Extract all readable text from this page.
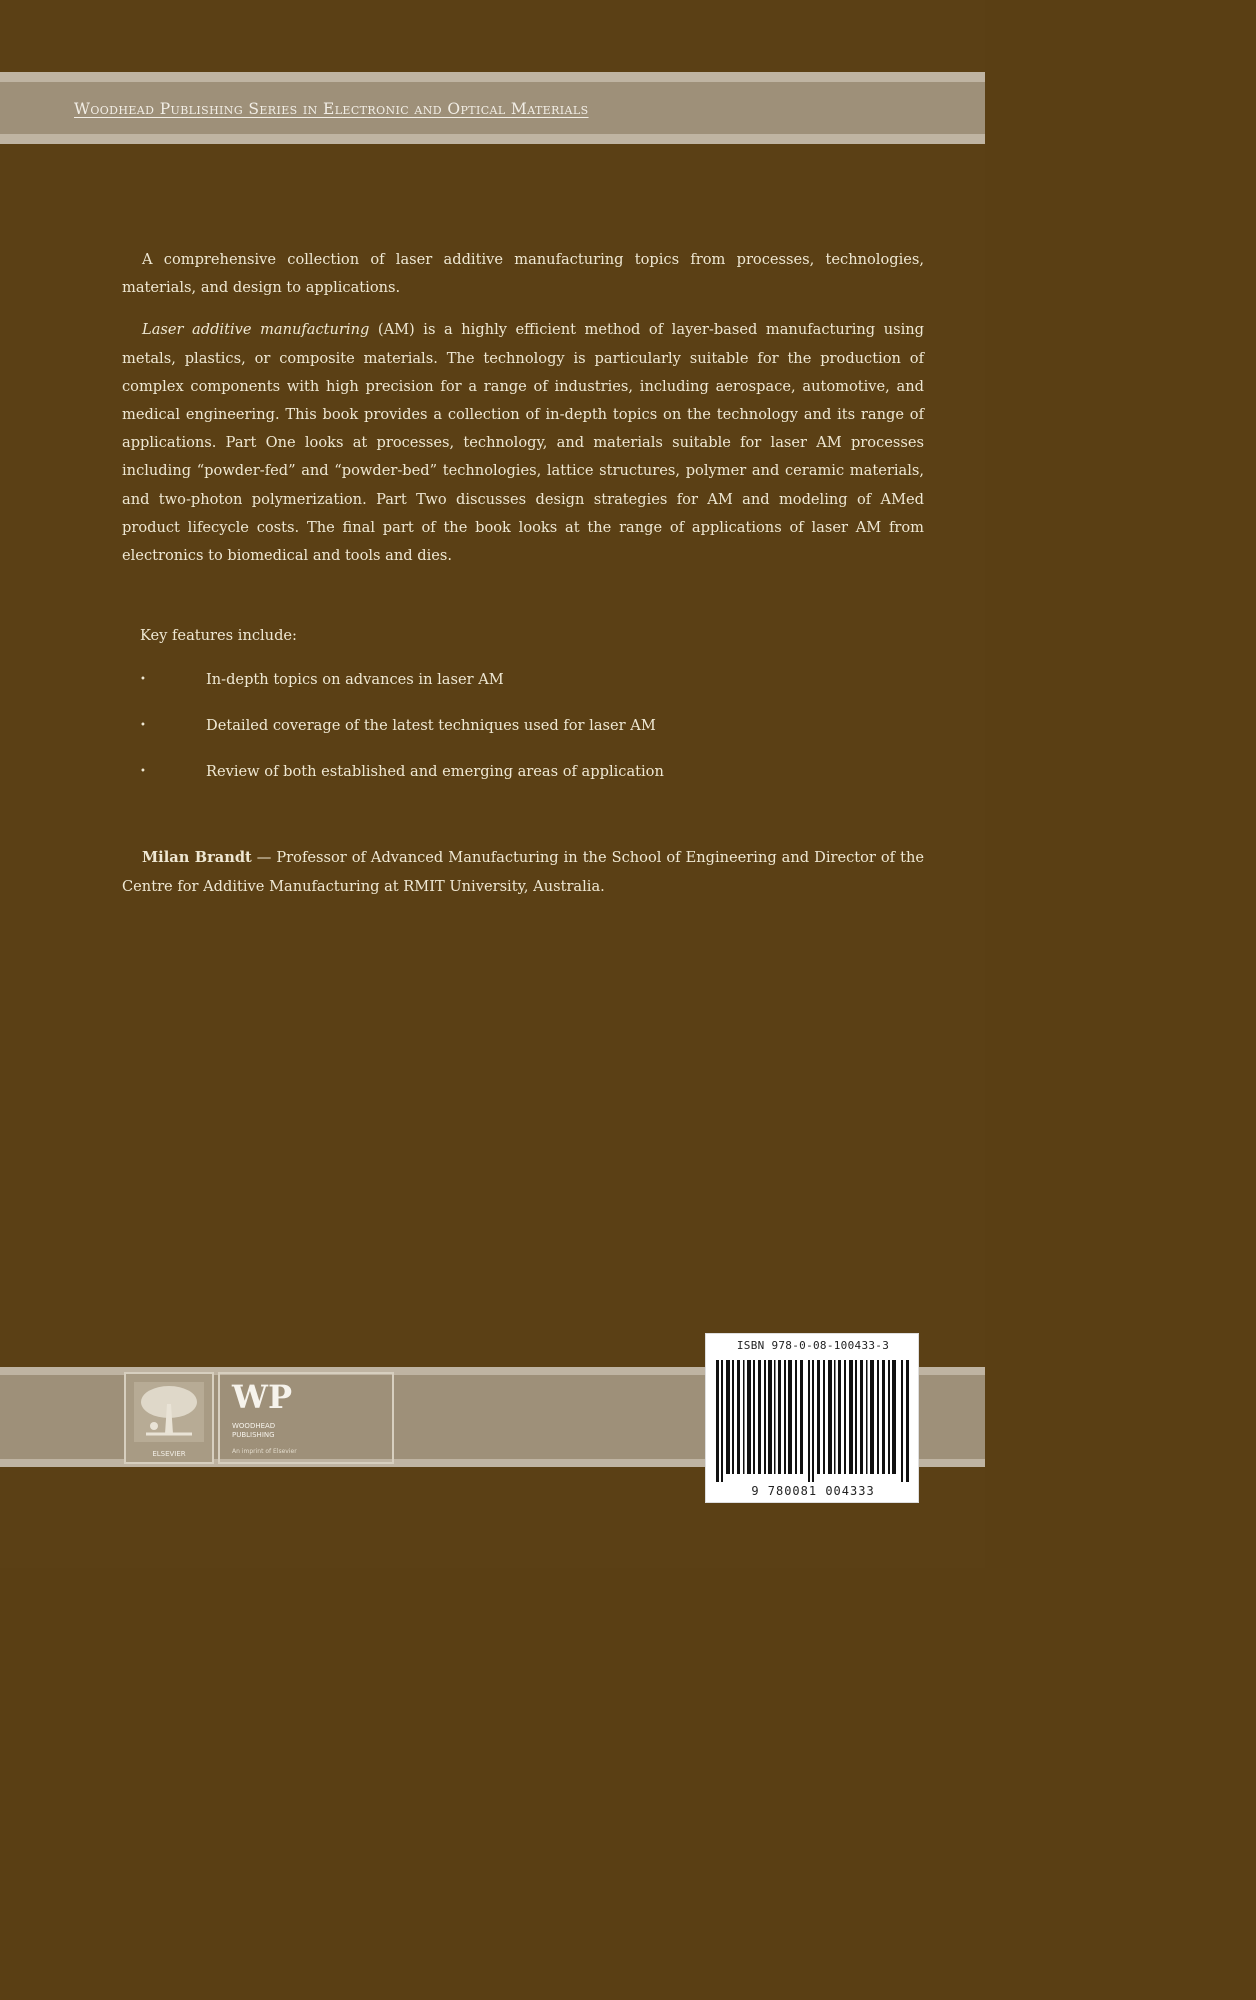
Woodhead Publishing Series in Electronic and Optical Materials

A comprehensive collection of laser additive manufacturing topics from processes, technologies, materials, and design to applications.

Laser additive manufacturing (AM) is a highly efficient method of layer-based manufacturing using metals, plastics, or composite materials. The technology is particularly suitable for the production of complex components with high precision for a range of industries, including aerospace, automotive, and medical engineering. This book provides a collection of in-depth topics on the technology and its range of applications. Part One looks at processes, technology, and materials suitable for laser AM processes including “powder-fed” and “powder-bed” technologies, lattice structures, polymer and ceramic materials, and two-photon polymerization. Part Two discusses design strategies for AM and modeling of AMed product lifecycle costs. The final part of the book looks at the range of applications of laser AM from electronics to biomedical and tools and dies.

Key features include:
• In-depth topics on advances in laser AM
• Detailed coverage of the latest techniques used for laser AM
• Review of both established and emerging areas of application

Milan Brandt — Professor of Advanced Manufacturing in the School of Engineering and Director of the Centre for Additive Manufacturing at RMIT University, Australia.

ELSEVIER
WP
WOODHEAD
PUBLISHING
An imprint of Elsevier
ISBN 978-0-08-100433-3
9 780081 004333
